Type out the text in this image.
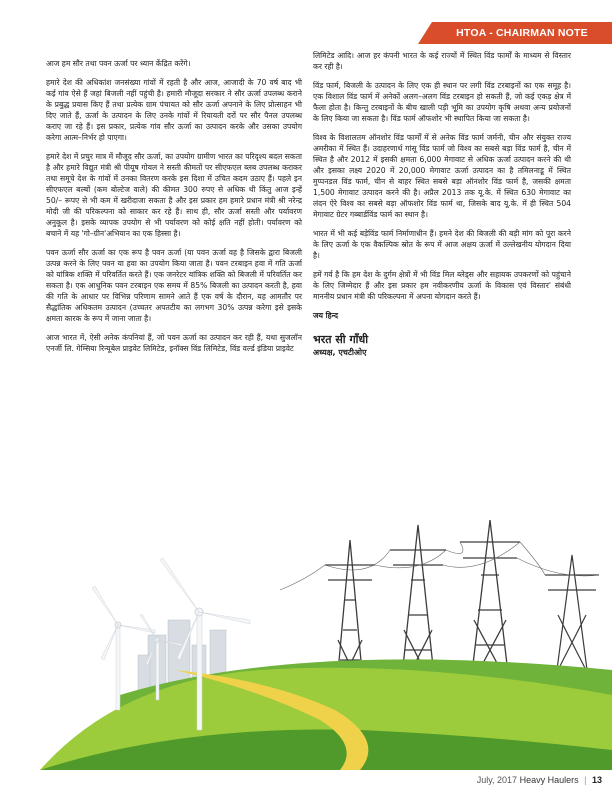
HTOA - CHAIRMAN NOTE

आज हम सौर तथा पवन ऊर्जा पर ध्यान केंद्रित करेंगे।

हमारे देश की अधिकांश जनसंख्या गांवों में रहती है और आज, आजादी के 70 वर्ष बाद भी कई गांव ऐसे हैं जहां बिजली नहीं पहुंची है। हमारी मौजूदा सरकार ने सौर ऊर्जा उपलब्ध कराने के प्रबुद्ध प्रयास किए हैं तथा प्रत्येक ग्राम पंचायत को सौर ऊर्जा अपनाने के लिए प्रोत्साहन भी दिए जाते हैं, ऊर्जा के उत्पादन के लिए उनके गांवों में रियायती दरों पर सौर पैनल उपलब्ध कराए जा रहे हैं। इस प्रकार, प्रत्येक गांव सौर ऊर्जा का उत्पादन करके और उसका उपयोग करेगा आत्म–निर्भर हो पाएगा।

हमारे देश में प्रचुर मात्र में मौजूद सौर ऊर्जा, का उपयोग ग्रामीण भारत का परिदृश्य बदल सकता है और हमारे विद्युत मंत्री श्री पीयूष गोयल ने सस्ती कीमतों पर सीएफएल ब्लब उपलब्ध कराकर तथा समूचे देश के गांवों में उनका वितरण करके इस दिशा में उचित कदम उठाए हैं। पहले इन सीएफएल बल्बों (कम बोल्टेज वाले) की कीमत 300 रुपए से अधिक थी किंतु आज इन्हें 50/– रूपए से भी कम में खरीदाजा सकता है और इस प्रकार हम हमारे प्रधान मंत्री श्री नरेन्द्र मोदी जी की परिकल्पना को साकार कर रहे हैं। साथ ही, सौर ऊर्जा सस्ती और पर्यावरण अनुकूल है। इसके व्यापक उपयोग से भी पर्यावरण को कोई क्षति नहीं होती। पर्यावरण को बचाने में यह 'गो–ग्रीन'अभियान का एक हिस्सा है।

पवन ऊर्जा सौर ऊर्जा का एक रूप है पवन ऊर्जा (या पवन ऊर्जा वह है जिसके द्वारा बिजली उत्पन्न करने के लिए पवन या हवा का उपयोग किया जाता है। पवन टरबाइन हवा में गति ऊर्जा को यांत्रिक शक्ति में परिवर्तित करते हैं। एक जनरेटर यांत्रिक शक्ति को बिजली में परिवर्तित कर सकता है। एक आधुनिक पवन टरबाइन एक समय में 85% बिजली का उत्पादन करती है, हवा की गति के आधार पर विभिन्न परिणाम सामने आते हैं एक वर्ष के दौरान, यह आमतौर पर सैद्धांतिक अधिकतम उत्पादन (उच्चतर अपतटीय का लगभग 30% उत्पन्न करेगा इसे इसके क्षमता कारक के रूप में जाना जाता है।

आज भारत में, ऐसी अनेक कंपनियां हैं, जो पवन ऊर्जा का उत्पादन कर रही हैं, यथा सुजलॉन एनर्जी लि. गेम्सिया रिन्यूबेल प्राइवेट लिमिटेड, इनॉक्स विंड लिमिटेड, विंड वर्ल्ड इंडिया प्राइवेट

लिमिटेड आदि। आज हर कंपनी भारत के कई राज्यों में स्थित विंड फार्मों के माध्यम से विस्तार कर रही है।

विंड फार्म, बिजली के उत्पादन के लिए एक ही स्थान पर लगी विंड टरबाइनों का एक समूह है। एक विशाल विंड फार्म में अनेकों अलग–अलग विंड टरबाइन हो सकती हैं, जो कई एकड़ क्षेत्र में फैला होता है। किन्तु टरबाइनों के बीच खाली पड़ी भूमि का उपयोग कृषि अथवा अन्य प्रयोजनों के लिए किया जा सकता है। विंड फार्म ऑफशोर भी स्थापित किया जा सकता है।

विश्व के विशालतम ऑनशोर विंड फार्मों में से अनेक विंड फार्म जर्मनी, चीन और संयुक्त राज्य अमरीका में स्थित हैं। उदाहरणार्थ गांसू विंड फार्म जो विश्व का सबसे बड़ा विंड फार्म है, चीन में स्थित है और 2012 में इसकी क्षमता 6,000 मेगावाट से अधिक ऊर्जा उत्पादन करने की थी और इसका लक्ष्य 2020 में 20,000 मेगावाट ऊर्जा उत्पादन का है तमिलनाडू में स्थित मुप्पनडल विंड फार्म, चीन से बाहर स्थित सबसे बड़ा ऑनशोर विंड फार्म है, जसकी क्षमता 1,500 मेगावाट उत्पादन करने की है। अप्रैल 2013 तक यू.के. में स्थित 630 मेगावाट का लंदन ऐरे विश्व का सबसे बड़ा ऑफशोर विंड फार्म था, जिसके बाद यू.के. में ही स्थित 504 मेगावाट ग्रेटर गब्बार्डविंड फार्म का स्थान है।

भारत में भी कई बड़ेविंड फार्म निर्माणाधीन हैं। हमने देश की बिजली की बड़ी मांग को पूरा करने के लिए ऊर्जा के एक वैकल्पिक स्रोत के रूप में आज अक्षय ऊर्जा में उल्लेखनीय योगदान दिया है।

हमें गर्व है कि हम देश के दुर्गम क्षेत्रों में भी विंड मिल ब्लेड्स और सहायक उपकरणों को पहुंचाने के लिए जिम्मेदार हैं और इस प्रकार हम नवीकरणीय ऊर्जा के विकास एवं विस्तार' संबंधी माननीय प्रधान मंत्री की परिकल्पना में अपना योगदान करते हैं।

जय हिन्द

भरत सी गाँधी

अध्यक्ष, एचटीओए

July, 2017 Heavy Haulers | 13
